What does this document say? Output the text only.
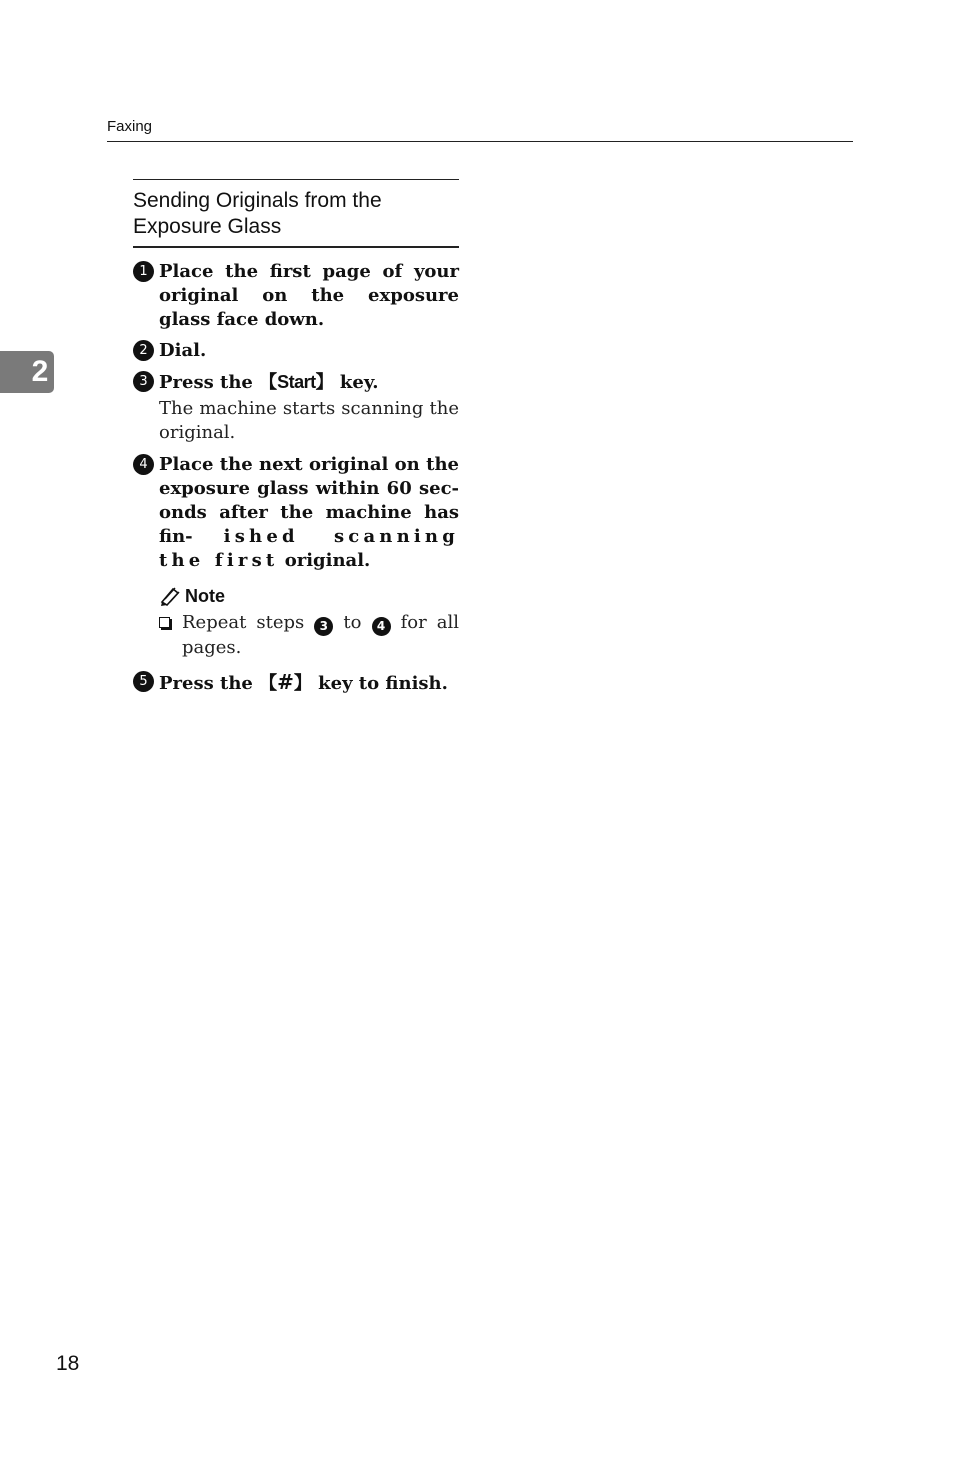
Faxing
2
Sending Originals from the Exposure Glass
1 Place the first page of your original on the exposure glass face down.
2 Dial.
3 Press the 【Start】 key.
The machine starts scanning the original.
4 Place the next original on the exposure glass within 60 sec-onds after the machine has fin- ished scanning the first original.
Note
Repeat steps 3 to 4 for all pages.
5 Press the 【#】 key to finish.
18
